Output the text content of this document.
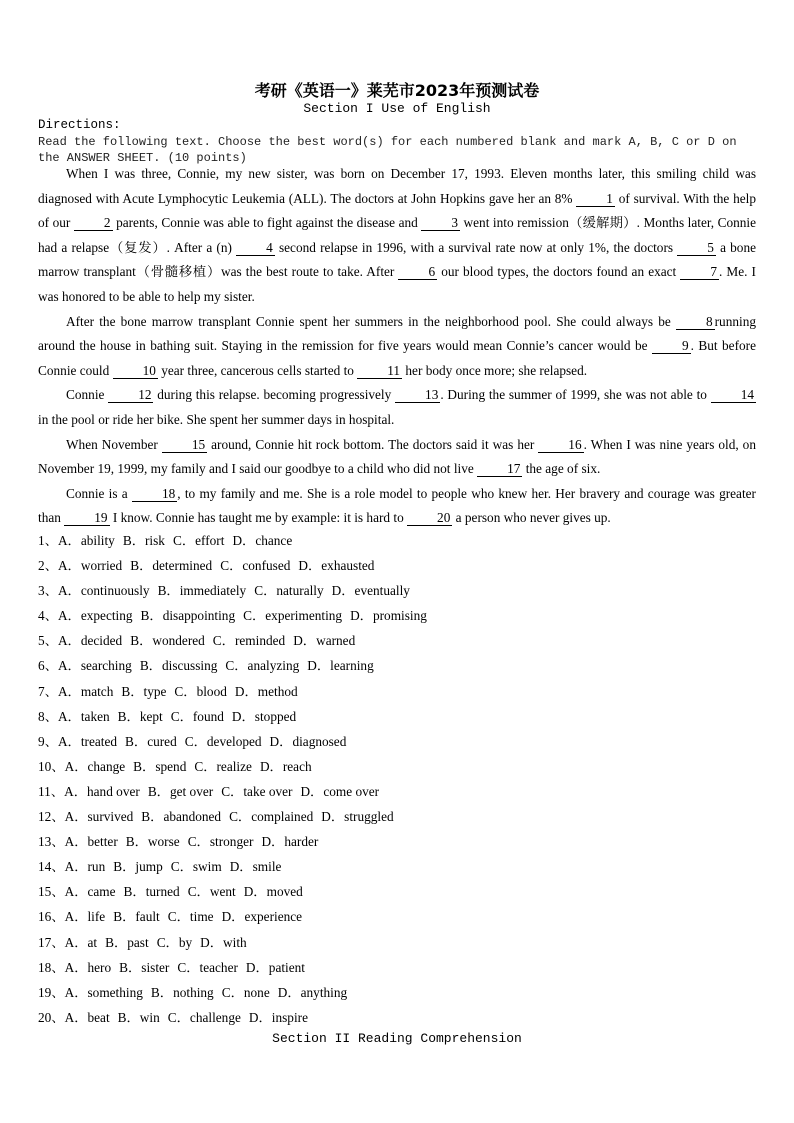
考研《英语一》莱芜市2023年预测试卷
Section I Use of English
Directions:
Read the following text. Choose the best word(s) for each numbered blank and mark A, B, C or D on the ANSWER SHEET. (10 points)

When I was three, Connie, my new sister, was born on December 17, 1993. Eleven months later, this smiling child was diagnosed with Acute Lymphocytic Leukemia (ALL). The doctors at John Hopkins gave her an 8% 1 of survival. With the help of our 2 parents, Connie was able to fight against the disease and 3 went into remission（缓解期）. Months later, Connie had a relapse（复发）. After a (n) 4 second relapse in 1996, with a survival rate now at only 1%, the doctors 5 a bone marrow transplant（骨髓移植）was the best route to take. After 6 our blood types, the doctors found an exact 7 . Me. I was honored to be able to help my sister.

After the bone marrow transplant Connie spent her summers in the neighborhood pool. She could always be 8 running around the house in bathing suit. Staying in the remission for five years would mean Connie’s cancer would be 9 . But before Connie could 10 year three, cancerous cells started to 11 her body once more; she relapsed.

Connie 12 during this relapse. becoming progressively 13 . During the summer of 1999, she was not able to 14 in the pool or ride her bike. She spent her summer days in hospital.

When November 15 around, Connie hit rock bottom. The doctors said it was her 16 . When I was nine years old, on November 19, 1999, my family and I said our goodbye to a child who did not live 17 the age of six.

Connie is a 18 , to my family and me. She is a role model to people who knew her. Her bravery and courage was greater than 19 I know. Connie has taught me by example: it is hard to 20 a person who never gives up.

1、A．ability B．risk C．effort D．chance
2、A．worried B．determined C．confused D．exhausted
3、A．continuously B．immediately C．naturally D．eventually
4、A．expecting B．disappointing C．experimenting D．promising
5、A．decided B．wondered C．reminded D．warned
6、A．searching B．discussing C．analyzing D．learning
7、A．match B．type C．blood D．method
8、A．taken B．kept C．found D．stopped
9、A．treated B．cured C．developed D．diagnosed
10、A．change B．spend C．realize D．reach
11、A．hand over B．get over C．take over D．come over
12、A．survived B．abandoned C．complained D．struggled
13、A．better B．worse C．stronger D．harder
14、A．run B．jump C．swim D．smile
15、A．came B．turned C．went D．moved
16、A．life B．fault C．time D．experience
17、A．at B．past C．by D．with
18、A．hero B．sister C．teacher D．patient
19、A．something B．nothing C．none D．anything
20、A．beat B．win C．challenge D．inspire
Section II Reading Comprehension
